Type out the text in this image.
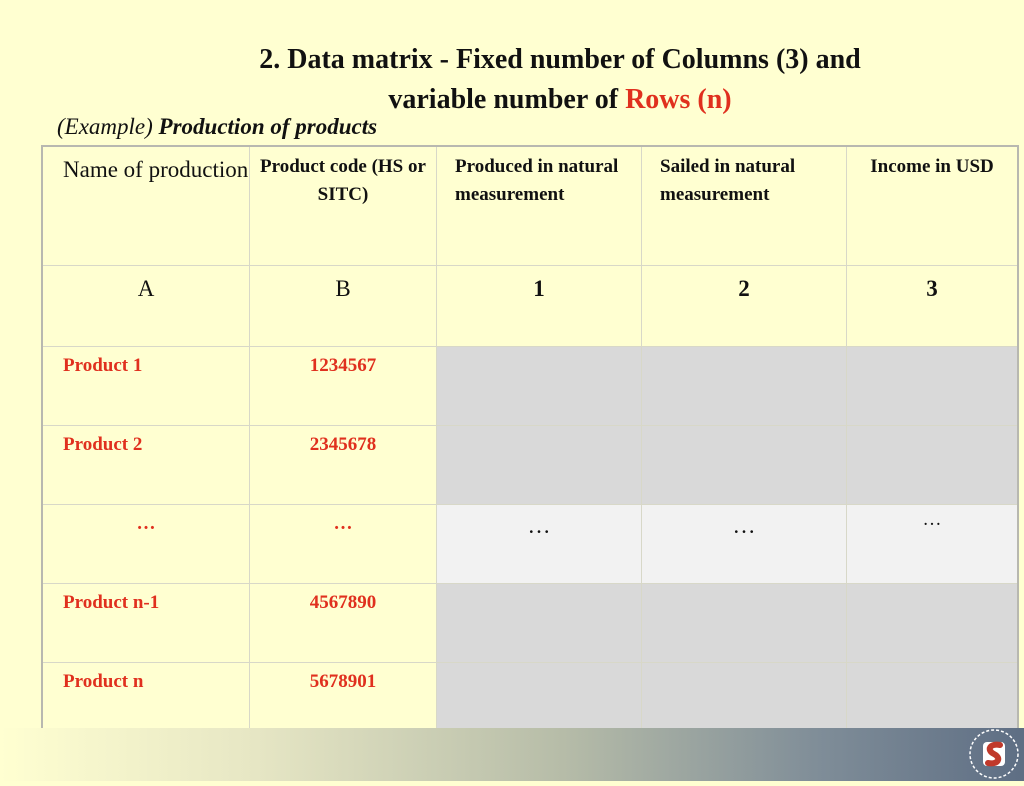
2. Data matrix - Fixed number of Columns (3) and
variable number of Rows (n)
(Example) Production of products
Name of production	Product code (HS or SITC)	Produced in natural measurement	Sailed in natural measurement	Income in USD
A	B	1	2	3
Product 1	1234567			
Product 2	2345678			
…	…	…	…	…
Product n-1	4567890			
Product n	5678901			
